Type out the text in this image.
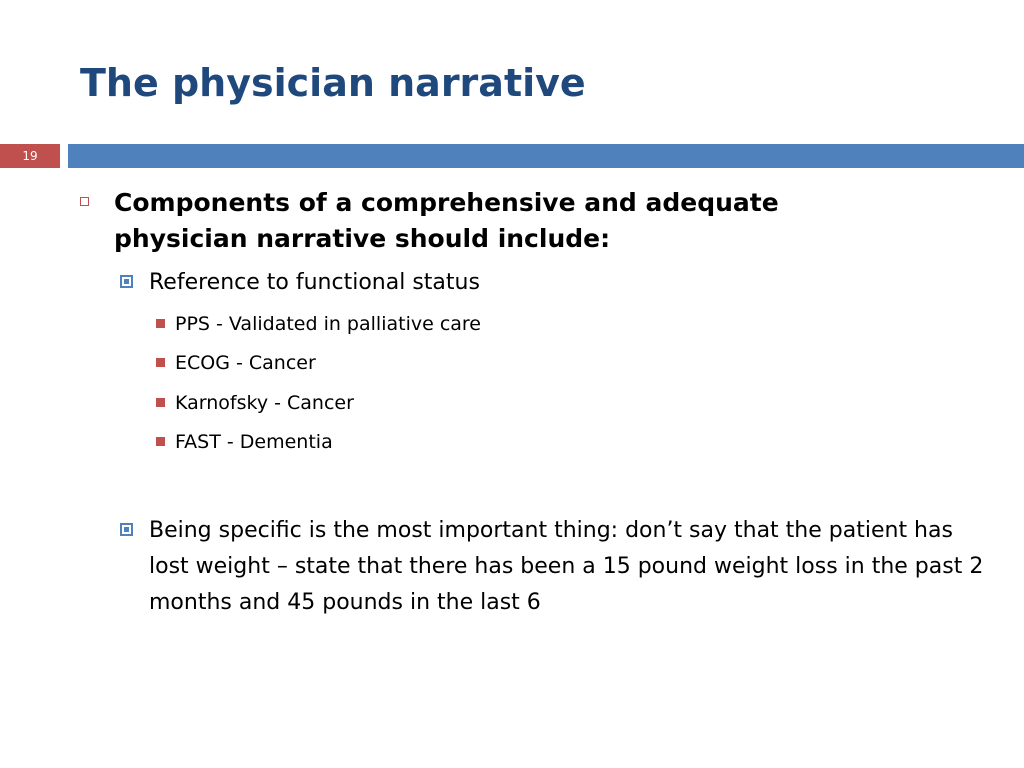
The physician narrative
19
Components of a comprehensive and adequate physician narrative should include:
Reference to functional status
PPS - Validated in palliative care
ECOG - Cancer
Karnofsky - Cancer
FAST - Dementia
Being specific is the most important thing: don’t say that the patient has lost weight – state that there has been a 15 pound weight loss in the past 2 months and 45 pounds in the last 6
